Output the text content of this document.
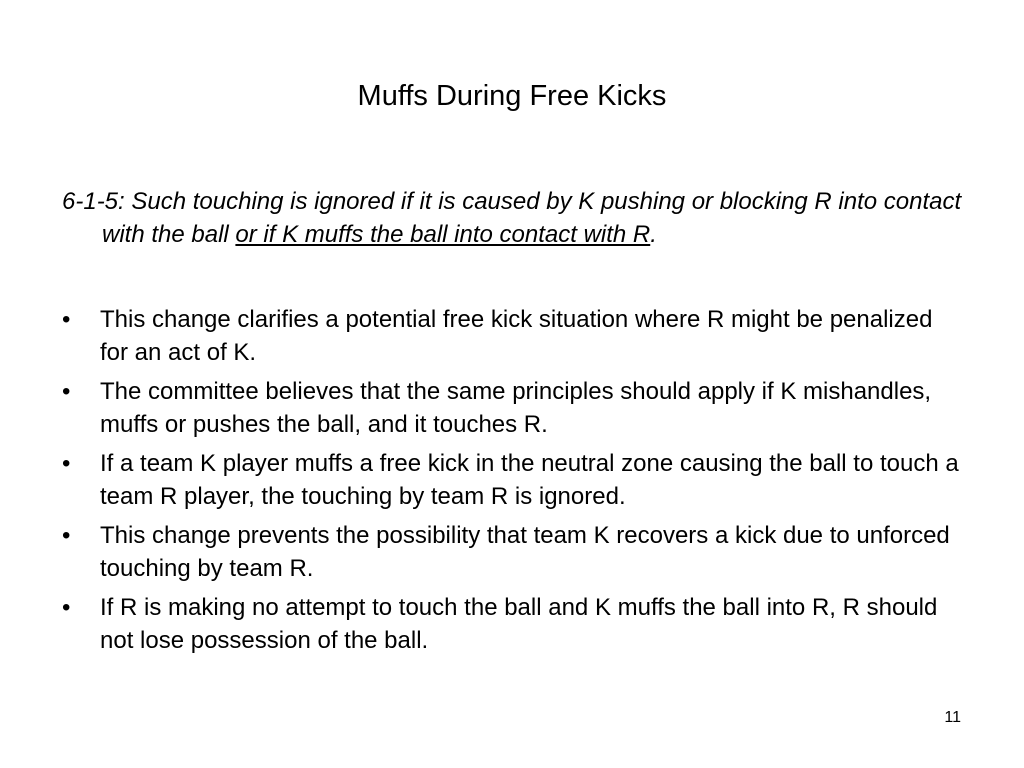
Muffs During Free Kicks
6-1-5: Such touching is ignored if it is caused by K pushing or blocking R into contact with the ball or if K muffs the ball into contact with R.
•	This change clarifies a potential free kick situation where R might be penalized for an act of K.
•	The committee believes that the same principles should apply if K mishandles, muffs or pushes the ball, and it touches R.
•	If a team K player muffs a free kick in the neutral zone causing the ball to touch a team R player, the touching by team R is ignored.
•	This change prevents the possibility that team K recovers a kick due to unforced touching by team R.
•	If R is making no attempt to touch the ball and K muffs the ball into R, R should not lose possession of the ball.
11
